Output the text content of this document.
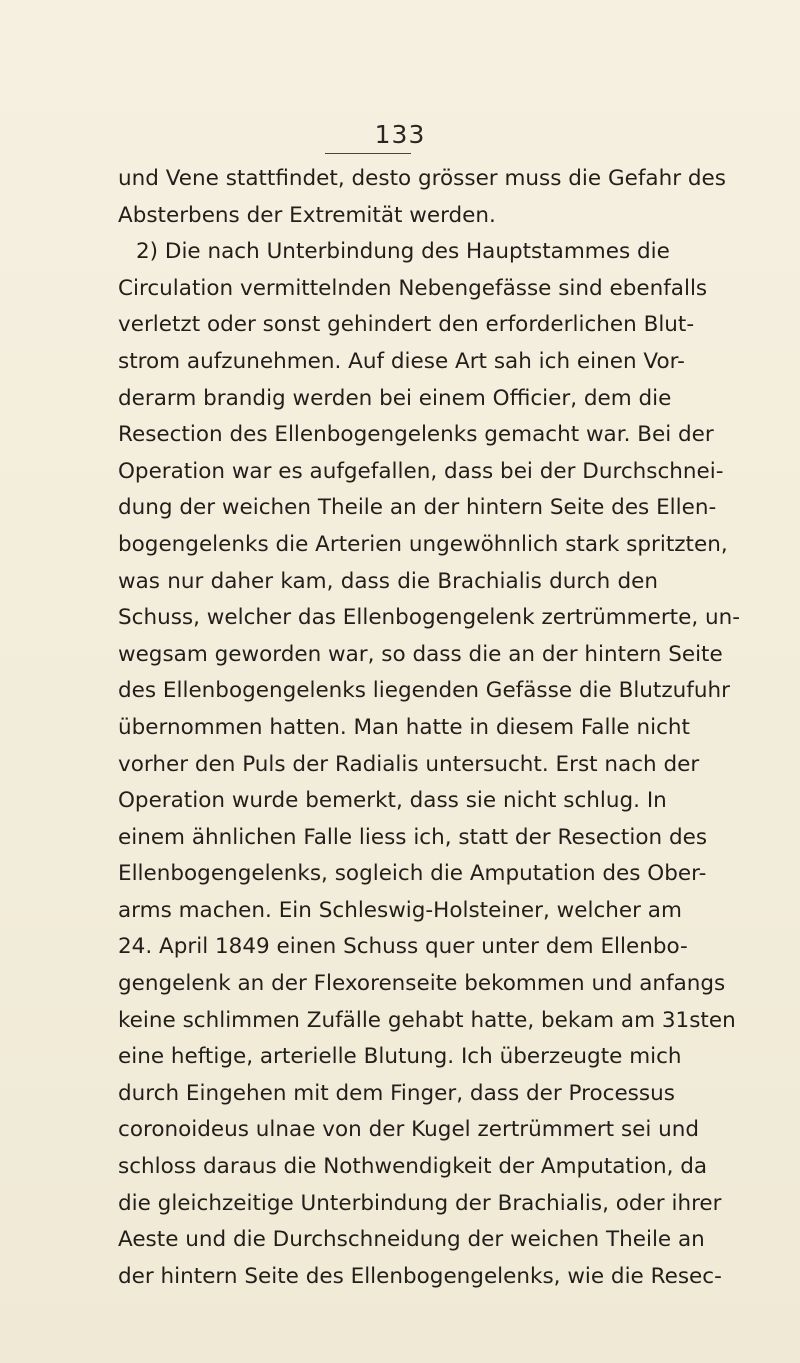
133
und Vene stattfindet, desto grösser muss die Gefahr des
Absterbens der Extremität werden.
2) Die nach Unterbindung des Hauptstammes die
Circulation vermittelnden Nebengefässe sind ebenfalls
verletzt oder sonst gehindert den erforderlichen Blut-
strom aufzunehmen. Auf diese Art sah ich einen Vor-
derarm brandig werden bei einem Officier, dem die
Resection des Ellenbogengelenks gemacht war. Bei der
Operation war es aufgefallen, dass bei der Durchschnei-
dung der weichen Theile an der hintern Seite des Ellen-
bogengelenks die Arterien ungewöhnlich stark spritzten,
was nur daher kam, dass die Brachialis durch den
Schuss, welcher das Ellenbogengelenk zertrümmerte, un-
wegsam geworden war, so dass die an der hintern Seite
des Ellenbogengelenks liegenden Gefässe die Blutzufuhr
übernommen hatten. Man hatte in diesem Falle nicht
vorher den Puls der Radialis untersucht. Erst nach der
Operation wurde bemerkt, dass sie nicht schlug. In
einem ähnlichen Falle liess ich, statt der Resection des
Ellenbogengelenks, sogleich die Amputation des Ober-
arms machen. Ein Schleswig-Holsteiner, welcher am
24. April 1849 einen Schuss quer unter dem Ellenbo-
gengelenk an der Flexorenseite bekommen und anfangs
keine schlimmen Zufälle gehabt hatte, bekam am 31sten
eine heftige, arterielle Blutung. Ich überzeugte mich
durch Eingehen mit dem Finger, dass der Processus
coronoideus ulnae von der Kugel zertrümmert sei und
schloss daraus die Nothwendigkeit der Amputation, da
die gleichzeitige Unterbindung der Brachialis, oder ihrer
Aeste und die Durchschneidung der weichen Theile an
der hintern Seite des Ellenbogengelenks, wie die Resec-
